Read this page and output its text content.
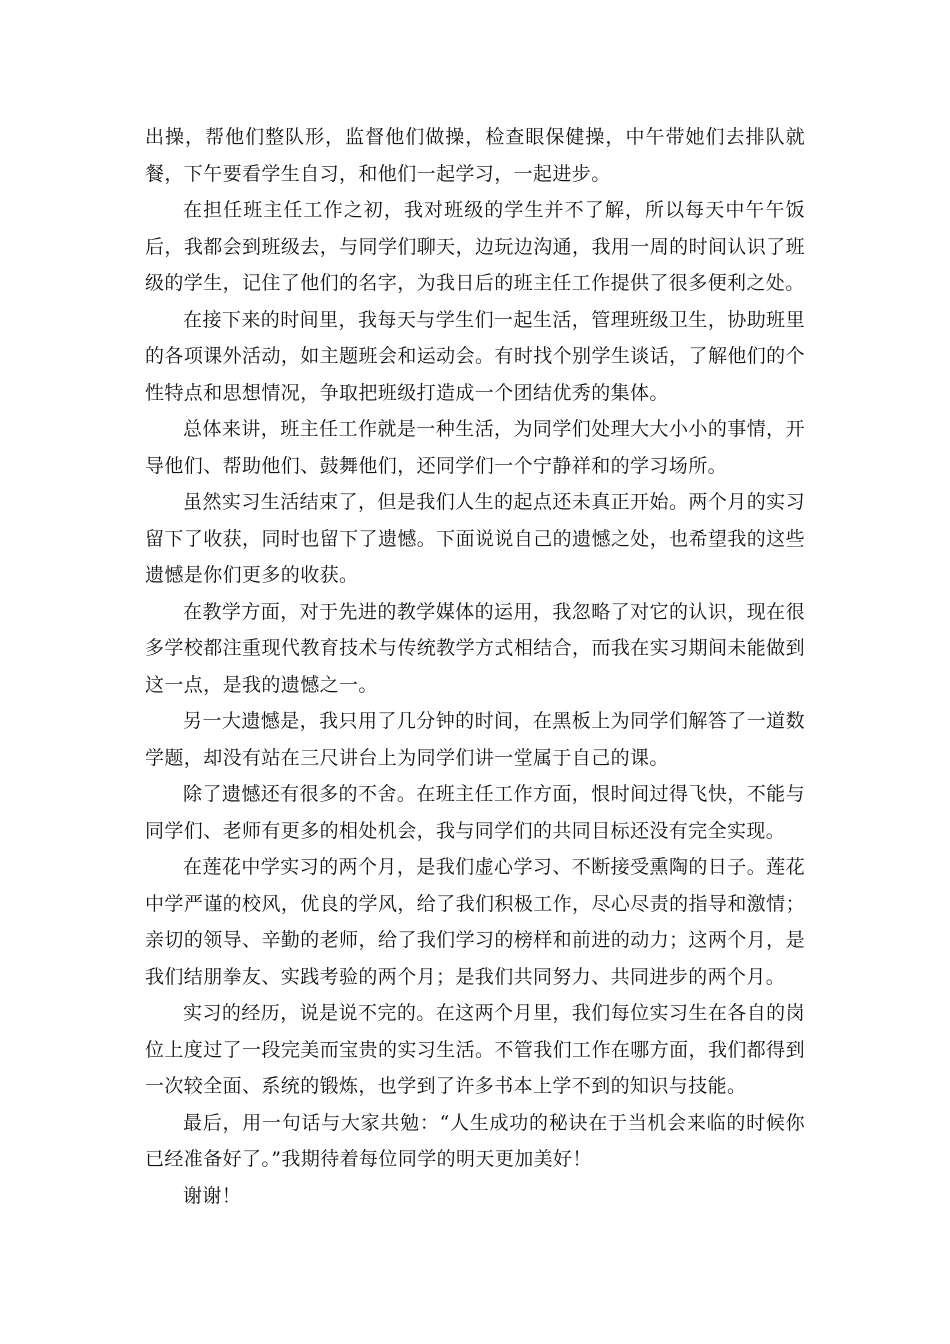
出操，帮他们整队形，监督他们做操，检查眼保健操，中午带她们去排队就餐，下午要看学生自习，和他们一起学习，一起进步。

在担任班主任工作之初，我对班级的学生并不了解，所以每天中午午饭后，我都会到班级去，与同学们聊天，边玩边沟通，我用一周的时间认识了班级的学生，记住了他们的名字，为我日后的班主任工作提供了很多便利之处。

在接下来的时间里，我每天与学生们一起生活，管理班级卫生，协助班里的各项课外活动，如主题班会和运动会。有时找个别学生谈话，了解他们的个性特点和思想情况，争取把班级打造成一个团结优秀的集体。

总体来讲，班主任工作就是一种生活，为同学们处理大大小小的事情，开导他们、帮助他们、鼓舞他们，还同学们一个宁静祥和的学习场所。

虽然实习生活结束了，但是我们人生的起点还未真正开始。两个月的实习留下了收获，同时也留下了遗憾。下面说说自己的遗憾之处，也希望我的这些遗憾是你们更多的收获。

在教学方面，对于先进的教学媒体的运用，我忽略了对它的认识，现在很多学校都注重现代教育技术与传统教学方式相结合，而我在实习期间未能做到这一点，是我的遗憾之一。

另一大遗憾是，我只用了几分钟的时间，在黑板上为同学们解答了一道数学题，却没有站在三尺讲台上为同学们讲一堂属于自己的课。

除了遗憾还有很多的不舍。在班主任工作方面，恨时间过得飞快，不能与同学们、老师有更多的相处机会，我与同学们的共同目标还没有完全实现。

在莲花中学实习的两个月，是我们虚心学习、不断接受熏陶的日子。莲花中学严谨的校风，优良的学风，给了我们积极工作，尽心尽责的指导和激情；亲切的领导、辛勤的老师，给了我们学习的榜样和前进的动力；这两个月，是我们结朋拳友、实践考验的两个月；是我们共同努力、共同进步的两个月。

实习的经历，说是说不完的。在这两个月里，我们每位实习生在各自的岗位上度过了一段完美而宝贵的实习生活。不管我们工作在哪方面，我们都得到一次较全面、系统的锻炼，也学到了许多书本上学不到的知识与技能。

最后，用一句话与大家共勉：“人生成功的秘诀在于当机会来临的时候你已经准备好了。”我期待着每位同学的明天更加美好！

谢谢！
